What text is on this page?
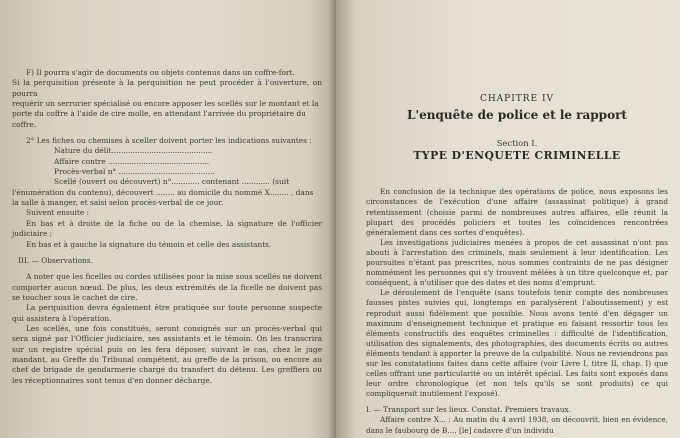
F) Il pourra s'agir de documents ou objets contenus dans un coffre-fort.

Si la perquisition présente à la perquisition ne peut procéder à l'ouverture, on pourra

requérir un serrurier spécialisé ou encore apposer les scellés sur le montant et la

porte du coffre à l'aide de cire molle, en attendant l'arrivée du propriétaire du

coffre.

2° Les fiches ou chemises à sceller doivent porter les indications suivantes :

Nature du délit...........................................

Affaire contre ...........................................

Procès-verbal n° .........................................

Scellé (ouvert ou découvert) n°............ contenant ............ (suit

l'énumération du contenu), découvert ........ au domicile du nommé X........ , dans

la salle à manger, et saisi selon procès-verbal de ce jour.

Suivent ensuite :

En bas et à droite de la fiche ou de la chemise, la signature de l'officier judiciaire ;

En bas et à gauche la signature du témoin et celle des assistants.

III. — Observations.

A noter que les ficelles ou cordes utilisées pour la mise sous scellés ne doivent comporter aucun nœud. De plus, les deux extrémités de la ficelle ne doivent pas se toucher sous le cachet de cire.

La perquisition devra également être pratiquée sur toute personne suspecte qui assistera à l'opération.

Les scellés, une fois constitués, seront consignés sur un procès-verbal qui sera signé par l'Officier judiciaire, ses assistants et le témoin. On les transcrira sur un registre spécial puis on les fera déposer, suivant le cas, chez le juge mandant, au Greffe du Tribunal compétent, au greffe de la prison, ou encore au chef de brigade de gendarmerie chargé du transfert du détenu. Les greffiers ou les réceptionnaires sont tenus d'en donner décharge.

CHAPITRE IV
L'enquête de police et le rapport
Section I.
TYPE D'ENQUETE CRIMINELLE

En conclusion de la technique des opérations de police, nous exposons les circonstances de l'exécution d'une affaire (assassinat politique) à grand retentissement (choisie parmi de nombreuses autres affaires, elle réunit la plupart des procédés policiers et toutes les coïncidences rencontrées généralement dans ces sortes d'enquêtes).

Les investigations judiciaires menées à propos de cet assassinat n'ont pas abouti à l'arrestation des criminels, mais seulement à leur identification. Les poursuites n'étant pas prescrites, nous sommes contraints de ne pas désigner nommément les personnes qui s'y trouvent mêlées à un titre quelconque et, par conséquent, à n'utiliser que des dates et des noms d'emprunt.

Le déroulement de l'enquête (sans toutefois tenir compte des nombreuses fausses pistes suivies qui, longtemps en paralysèrent l'aboutissement) y est reproduit aussi fidèlement que possible. Nous avons tenté d'en dégager un maximum d'enseignement technique et pratique en faisant ressortir tous les éléments constructifs des enquêtes criminelles : difficulté de l'identification, utilisation des signalements, des photographies, des documents écrits ou autres éléments tendant à apporter la preuve de la culpabilité. Nous ne reviendrons pas sur les constatations faites dans cette affaire (voir Livre I, titre II, chap. I) que celles offrant une particularité ou un intérêt spécial. Les faits sont exposés dans leur ordre chronologique (et non tels qu'ils se sont produits) ce qui compliquerait inutilement l'exposé).

I. — Transport sur les lieux. Constat. Premiers travaux.

Affaire contre X... : Au matin du 4 avril 1938, on découvrit, bien en évidence, dans le faubourg de B..., [le] cadavre d'un individu
